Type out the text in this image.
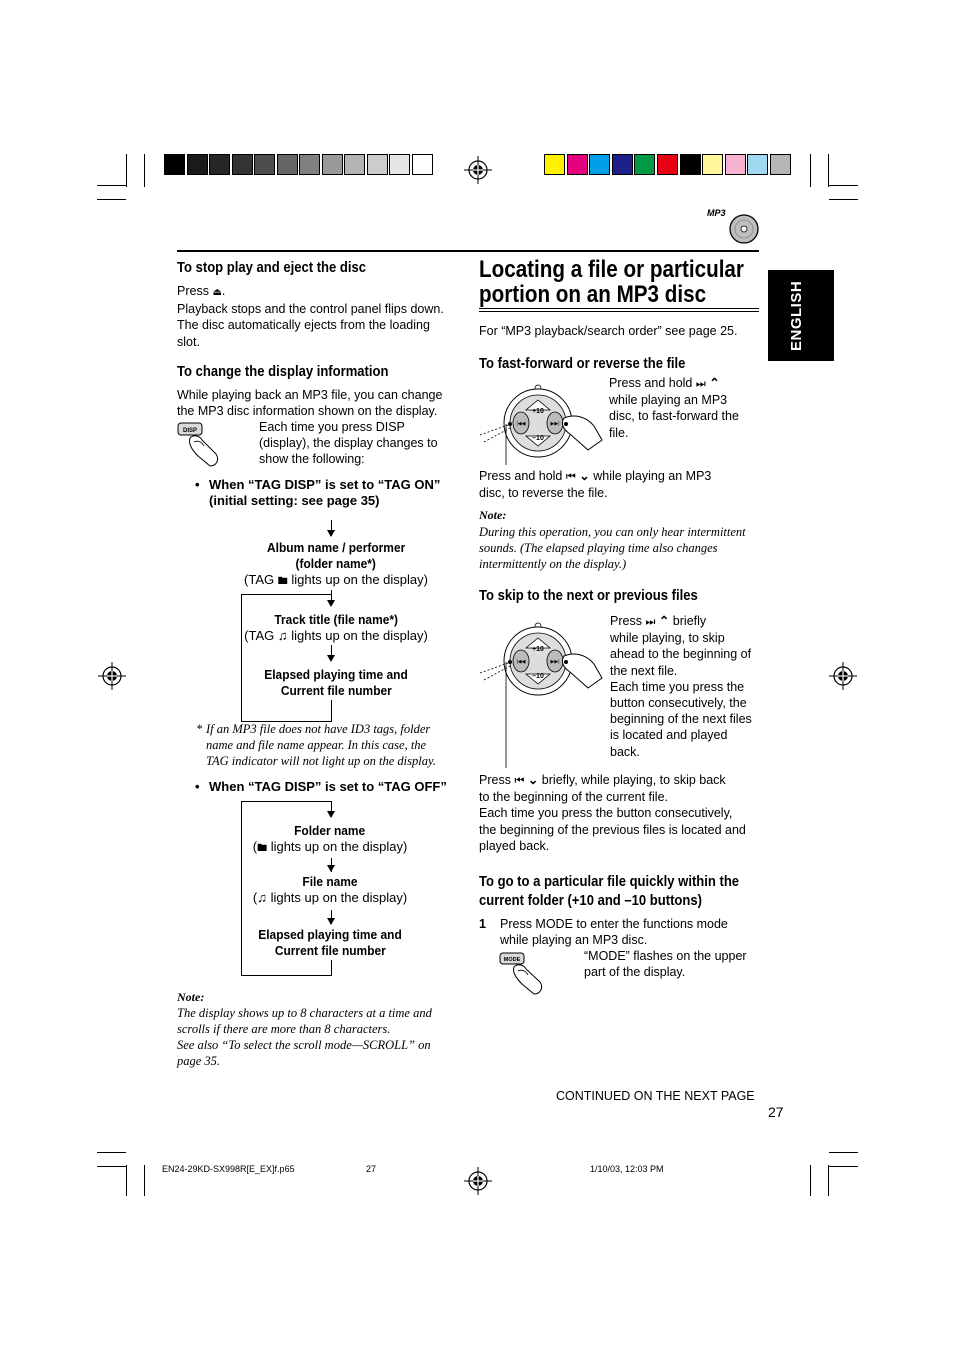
MP3
ENGLISH
To stop play and eject the disc
Press ⏏.
Playback stops and the control panel flips down.
The disc automatically ejects from the loading
slot.
To change the display information
While playing back an MP3 file, you can change
the MP3 disc information shown on the display.
DISP	Each time you press DISP
(display), the display changes to
show the following:
• When “TAG DISP” is set to “TAG ON”
(initial setting: see page 35)
Album name / performer
(folder name*)
(TAG 🖿 lights up on the display)
Track title (file name*)
(TAG ♫ lights up on the display)
Elapsed playing time and
Current file number
* If an MP3 file does not have ID3 tags, folder
name and file name appear. In this case, the
TAG indicator will not light up on the display.
• When “TAG DISP” is set to “TAG OFF”
Folder name
(🖿 lights up on the display)
File name
(♫ lights up on the display)
Elapsed playing time and
Current file number
Note:
The display shows up to 8 characters at a time and
scrolls if there are more than 8 characters.
See also “To select the scroll mode—SCROLL” on
page 35.
Locating a file or particular
portion on an MP3 disc
For “MP3 playback/search order” see page 25.
To fast-forward or reverse the file
+10
–10
|◀◀	▶▶|
Press and hold ⏭ ⌃
while playing an MP3
disc, to fast-forward the
file.
Press and hold ⏮ ⌄ while playing an MP3
disc, to reverse the file.
Note:
During this operation, you can only hear intermittent
sounds. (The elapsed playing time also changes
intermittently on the display.)
To skip to the next or previous files
+10
–10
|◀◀	▶▶|
Press ⏭ ⌃ briefly
while playing, to skip
ahead to the beginning of
the next file.
Each time you press the
button consecutively, the
beginning of the next files
is located and played
back.
Press ⏮ ⌄ briefly, while playing, to skip back
to the beginning of the current file.
Each time you press the button consecutively,
the beginning of the previous files is located and
played back.
To go to a particular file quickly within the
current folder (+10 and –10 buttons)
1 Press MODE to enter the functions mode
while playing an MP3 disc.
MODE	“MODE” flashes on the upper
part of the display.
CONTINUED ON THE NEXT PAGE
27
EN24-29KD-SX998R[E_EX]f.p65	27	1/10/03, 12:03 PM
